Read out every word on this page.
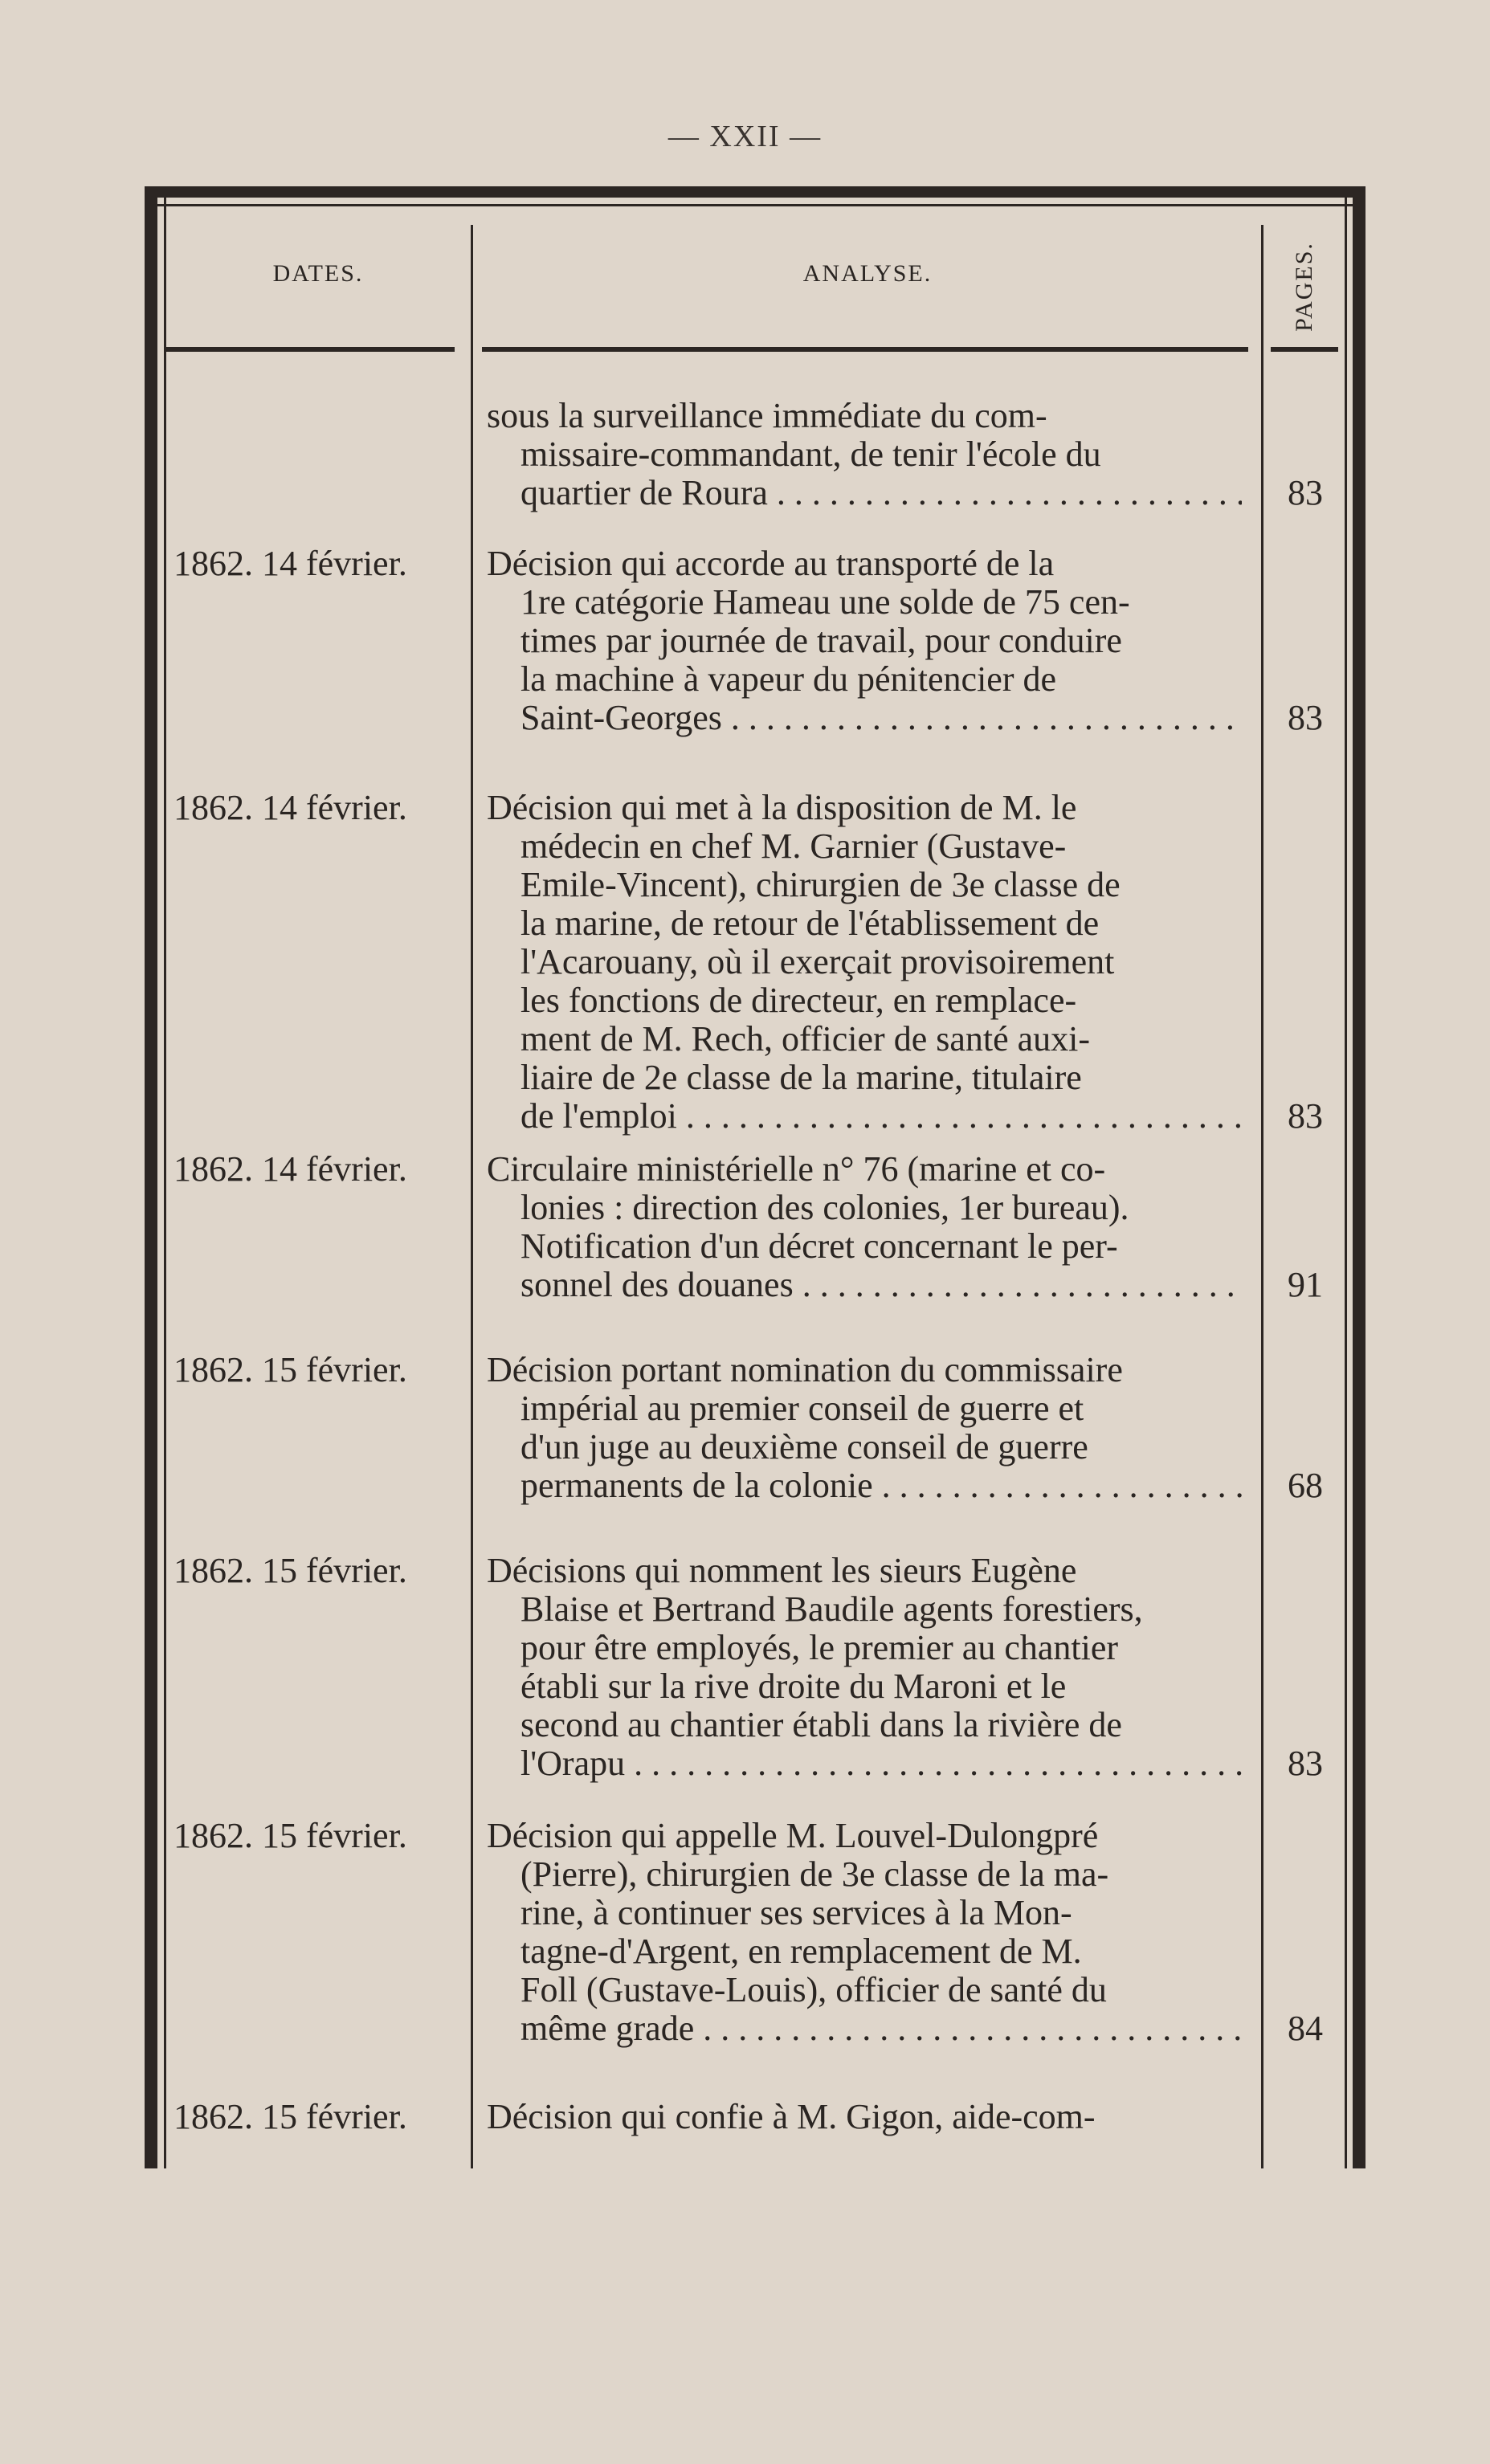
— XXII —
DATES.	ANALYSE.	PAGES.
sous la surveillance immédiate du com-
missaire-commandant, de tenir l'école du
quartier de Roura . . .	83
1862. 14 février.	Décision qui accorde au transporté de la
1re catégorie Hameau une solde de 75 cen-
times par journée de travail, pour conduire
la machine à vapeur du pénitencier de
Saint-Georges . . .	83
1862. 14 février.	Décision qui met à la disposition de M. le
médecin en chef M. Garnier (Gustave-
Emile-Vincent), chirurgien de 3e classe de
la marine, de retour de l'établissement de
l'Acarouany, où il exerçait provisoirement
les fonctions de directeur, en remplace-
ment de M. Rech, officier de santé auxi-
liaire de 2e classe de la marine, titulaire
de l'emploi . . .	83
1862. 14 février.	Circulaire ministérielle n° 76 (marine et co-
lonies : direction des colonies, 1er bureau).
Notification d'un décret concernant le per-
sonnel des douanes . . .	91
1862. 15 février.	Décision portant nomination du commissaire
impérial au premier conseil de guerre et
d'un juge au deuxième conseil de guerre
permanents de la colonie . . .	68
1862. 15 février.	Décisions qui nomment les sieurs Eugène
Blaise et Bertrand Baudile agents forestiers,
pour être employés, le premier au chantier
établi sur la rive droite du Maroni et le
second au chantier établi dans la rivière de
l'Orapu . . .	83
1862. 15 février.	Décision qui appelle M. Louvel-Dulongpré
(Pierre), chirurgien de 3e classe de la ma-
rine, à continuer ses services à la Mon-
tagne-d'Argent, en remplacement de M.
Foll (Gustave-Louis), officier de santé du
même grade . . .	84
1862. 15 février.	Décision qui confie à M. Gigon, aide-com-
